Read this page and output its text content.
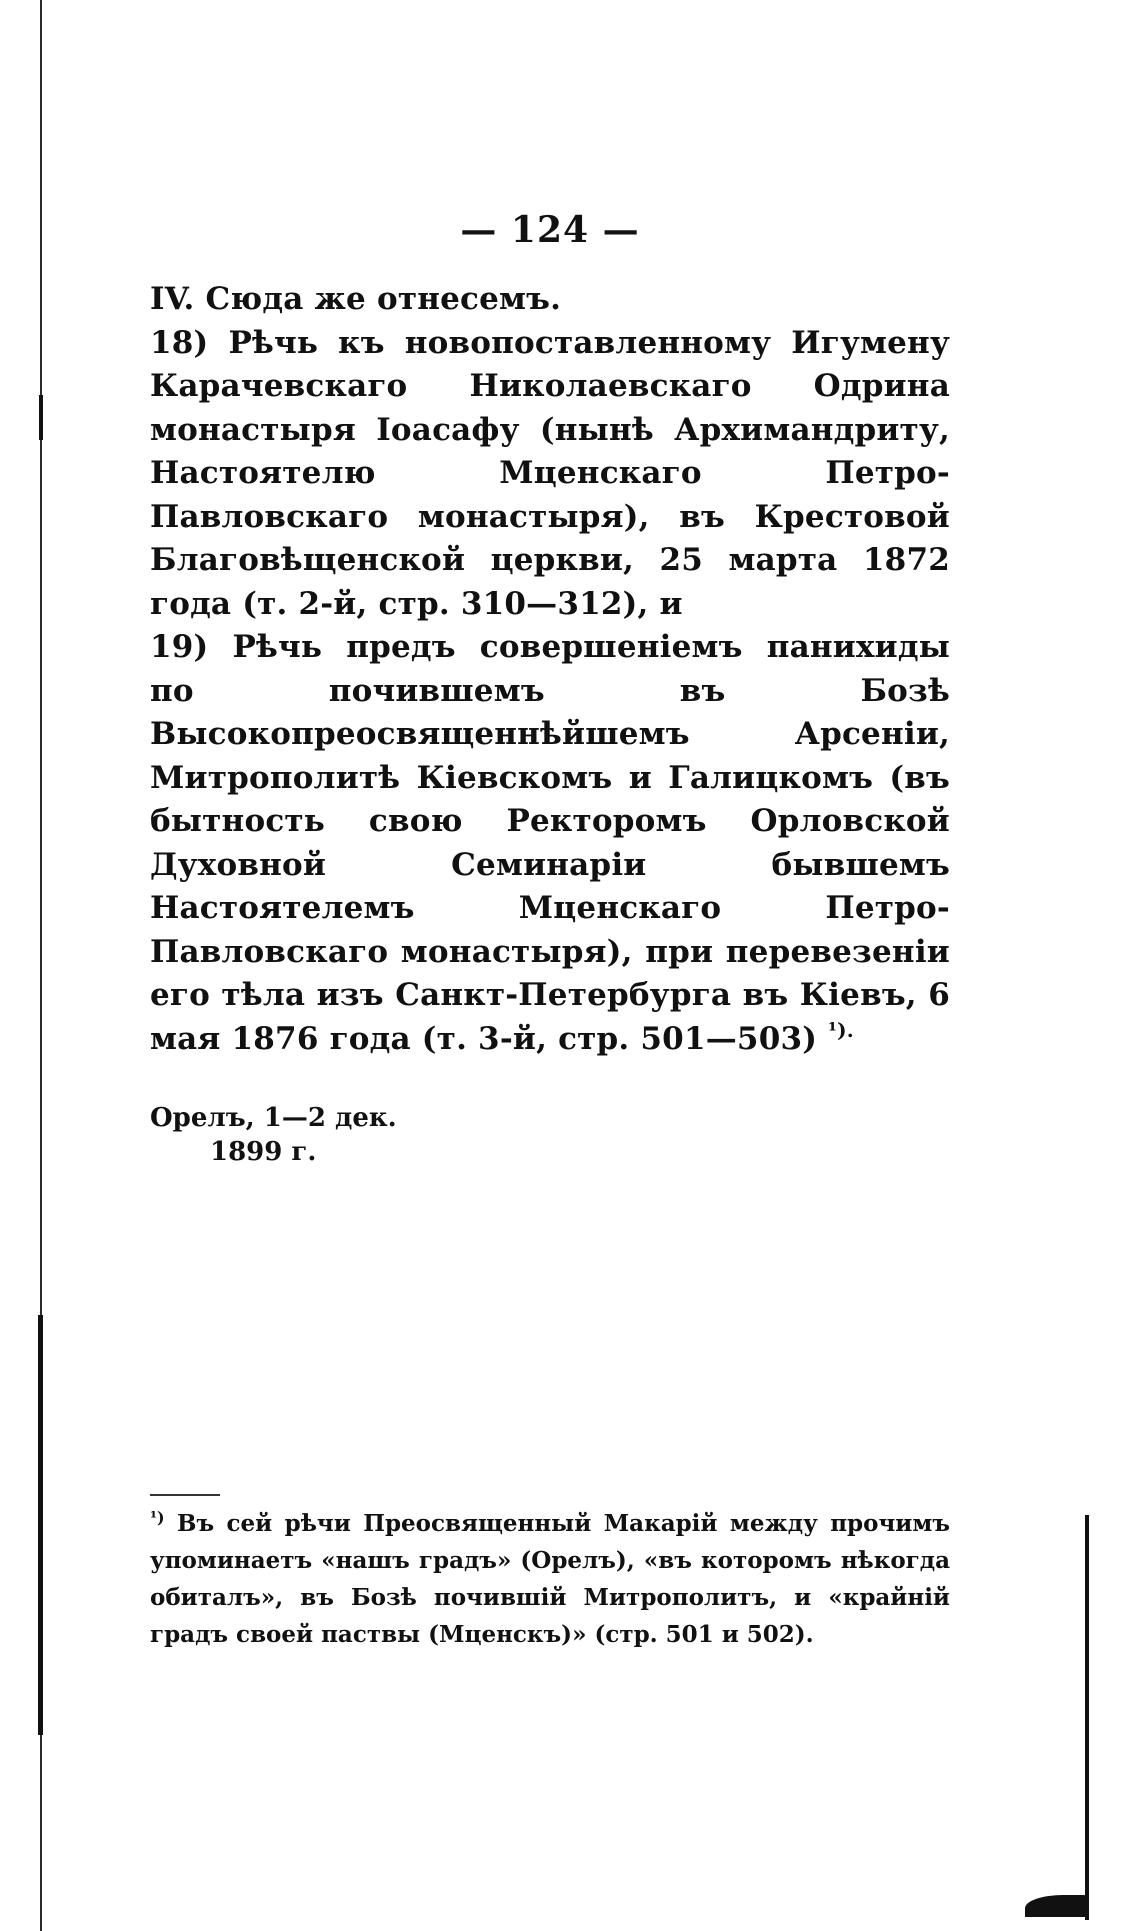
— 124 —

IV. Сюда же отнесемъ.

18) Рѣчь къ новопоставленному Игумену Карачевскаго Николаевскаго Одрина монастыря Іоасафу (нынѣ Архимандриту, Настоятелю Мценскаго Петро-Павловскаго монастыря), въ Крестовой Благовѣщенской церкви, 25 марта 1872 года (т. 2-й, стр. 310—312), и

19) Рѣчь предъ совершеніемъ панихиды по почившемъ въ Бозѣ Высокопреосвященнѣйшемъ Арсеніи, Митрополитѣ Кіевскомъ и Галицкомъ (въ бытность свою Ректоромъ Орловской Духовной Семинаріи бывшемъ Настоятелемъ Мценскаго Петро-Павловскаго монастыря), при перевезеніи его тѣла изъ Санкт-Петербурга въ Кіевъ, 6 мая 1876 года (т. 3-й, стр. 501—503) $^{^1).}$

Орелъ, 1—2 дек.
1899 г.
$^{^1)}$ Въ сей рѣчи Преосвященный Макарій между прочимъ упоминаетъ «нашъ градъ» (Орелъ), «въ которомъ нѣкогда обиталъ», въ Бозѣ почившій Митрополитъ, и «крайній градъ своей паствы (Мценскъ)» (стр. 501 и 502).
